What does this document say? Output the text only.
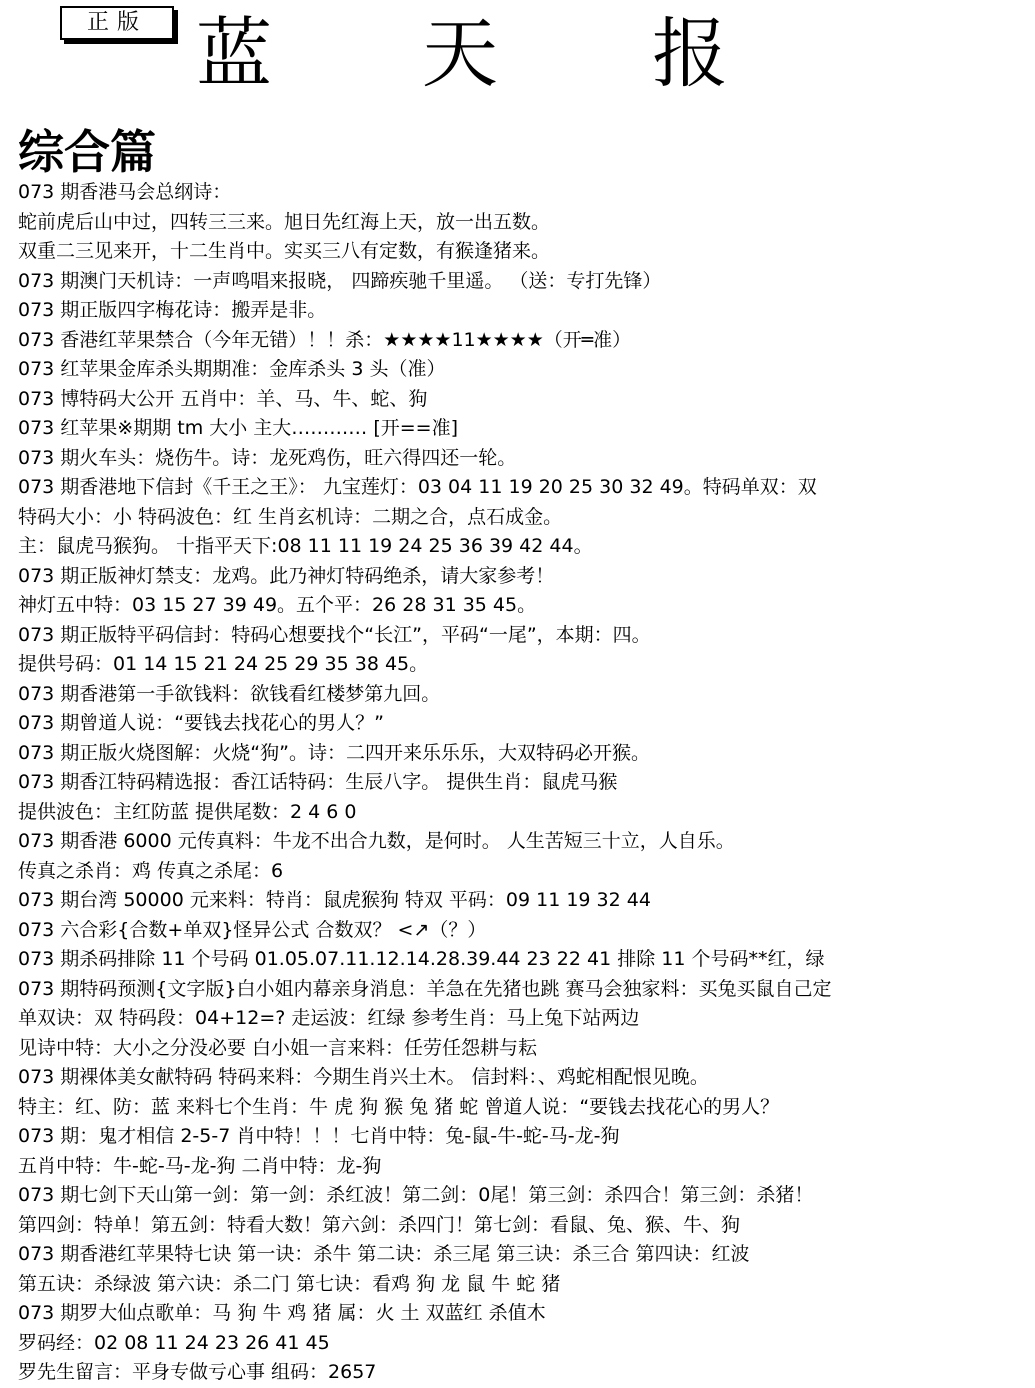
正版 蓝 天 报
综合篇
073 期香港马会总纲诗：
蛇前虎后山中过，四转三三来。旭日先红海上天，放一出五数。
双重二三见来开，十二生肖中。实买三八有定数，有猴逢猪来。
073 期澳门天机诗：一声鸣唱来报晓， 四蹄疾驰千里遥。 （送：专打先锋）
073 期正版四字梅花诗：搬弄是非。
073 香港红苹果禁合（今年无错）！！杀：★★★★11★★★★（开═准）
073 红苹果金库杀头期期准：金库杀头 3 头（准）
073 博特码大公开 五肖中：羊、马、牛、蛇、狗
073 红苹果※期期 tm 大小 主大………… [开==准]
073 期火车头：烧伤牛。诗：龙死鸡伤，旺六得四还一轮。
073 期香港地下信封《千王之王》： 九宝莲灯：03 04 11 19 20 25 30 32 49。特码单双：双
特码大小：小 特码波色：红 生肖玄机诗：二期之合，点石成金。
主：鼠虎马猴狗。 十指平天下:08 11 11 19 24 25 36 39 42 44。
073 期正版神灯禁支：龙鸡。此乃神灯特码绝杀，请大家参考！
神灯五中特：03 15 27 39 49。五个平：26 28 31 35 45。
073 期正版特平码信封：特码心想要找个“长江”，平码“一尾”，本期：四。
提供号码：01 14 15 21 24 25 29 35 38 45。
073 期香港第一手欲钱料：欲钱看红楼梦第九回。
073 期曾道人说：“要钱去找花心的男人？”
073 期正版火烧图解：火烧“狗”。诗：二四开来乐乐乐，大双特码必开猴。
073 期香江特码精选报：香江话特码：生辰八字。 提供生肖：鼠虎马猴
提供波色：主红防蓝 提供尾数：2 4 6 0
073 期香港 6000 元传真料：牛龙不出合九数，是何时。 人生苦短三十立，人自乐。
传真之杀肖：鸡 传真之杀尾：6
073 期台湾 50000 元来料：特肖：鼠虎猴狗 特双 平码：09 11 19 32 44
073 六合彩{合数+单双}怪异公式 合数双？ <↗（？）
073 期杀码排除 11 个号码 01.05.07.11.12.14.28.39.44 23 22 41 排除 11 个号码**红，绿
073 期特码预测{文字版}白小姐内幕亲身消息：羊急在先猪也跳 赛马会独家料：买兔买鼠自己定
单双诀：双 特码段：04+12=? 走运波：红绿 参考生肖：马上兔下站两边
见诗中特：大小之分没必要 白小姐一言来料：任劳任怨耕与耘
073 期裸体美女献特码 特码来料：今期生肖兴土木。 信封料：、鸡蛇相配恨见晚。
特主：红、防：蓝 来料七个生肖：牛 虎 狗 猴 兔 猪 蛇 曾道人说：“要钱去找花心的男人？
073 期：鬼才相信 2-5-7 肖中特！！！七肖中特：兔-鼠-牛-蛇-马-龙-狗
五肖中特：牛-蛇-马-龙-狗 二肖中特：龙-狗
073 期七剑下天山第一剑：第一剑：杀红波！第二剑：0尾！第三剑：杀四合！第三剑：杀猪！
第四剑：特单！第五剑：特看大数！第六剑：杀四门！第七剑：看鼠、兔、猴、牛、狗
073 期香港红苹果特七诀 第一诀：杀牛 第二诀：杀三尾 第三诀：杀三合 第四诀：红波
第五诀：杀绿波 第六诀：杀二门 第七诀：看鸡 狗 龙 鼠 牛 蛇 猪
073 期罗大仙点歌单：马 狗 牛 鸡 猪 属：火 土 双蓝红 杀值木
罗码经：02 08 11 24 23 26 41 45
罗先生留言：平身专做亏心事 组码：2657
